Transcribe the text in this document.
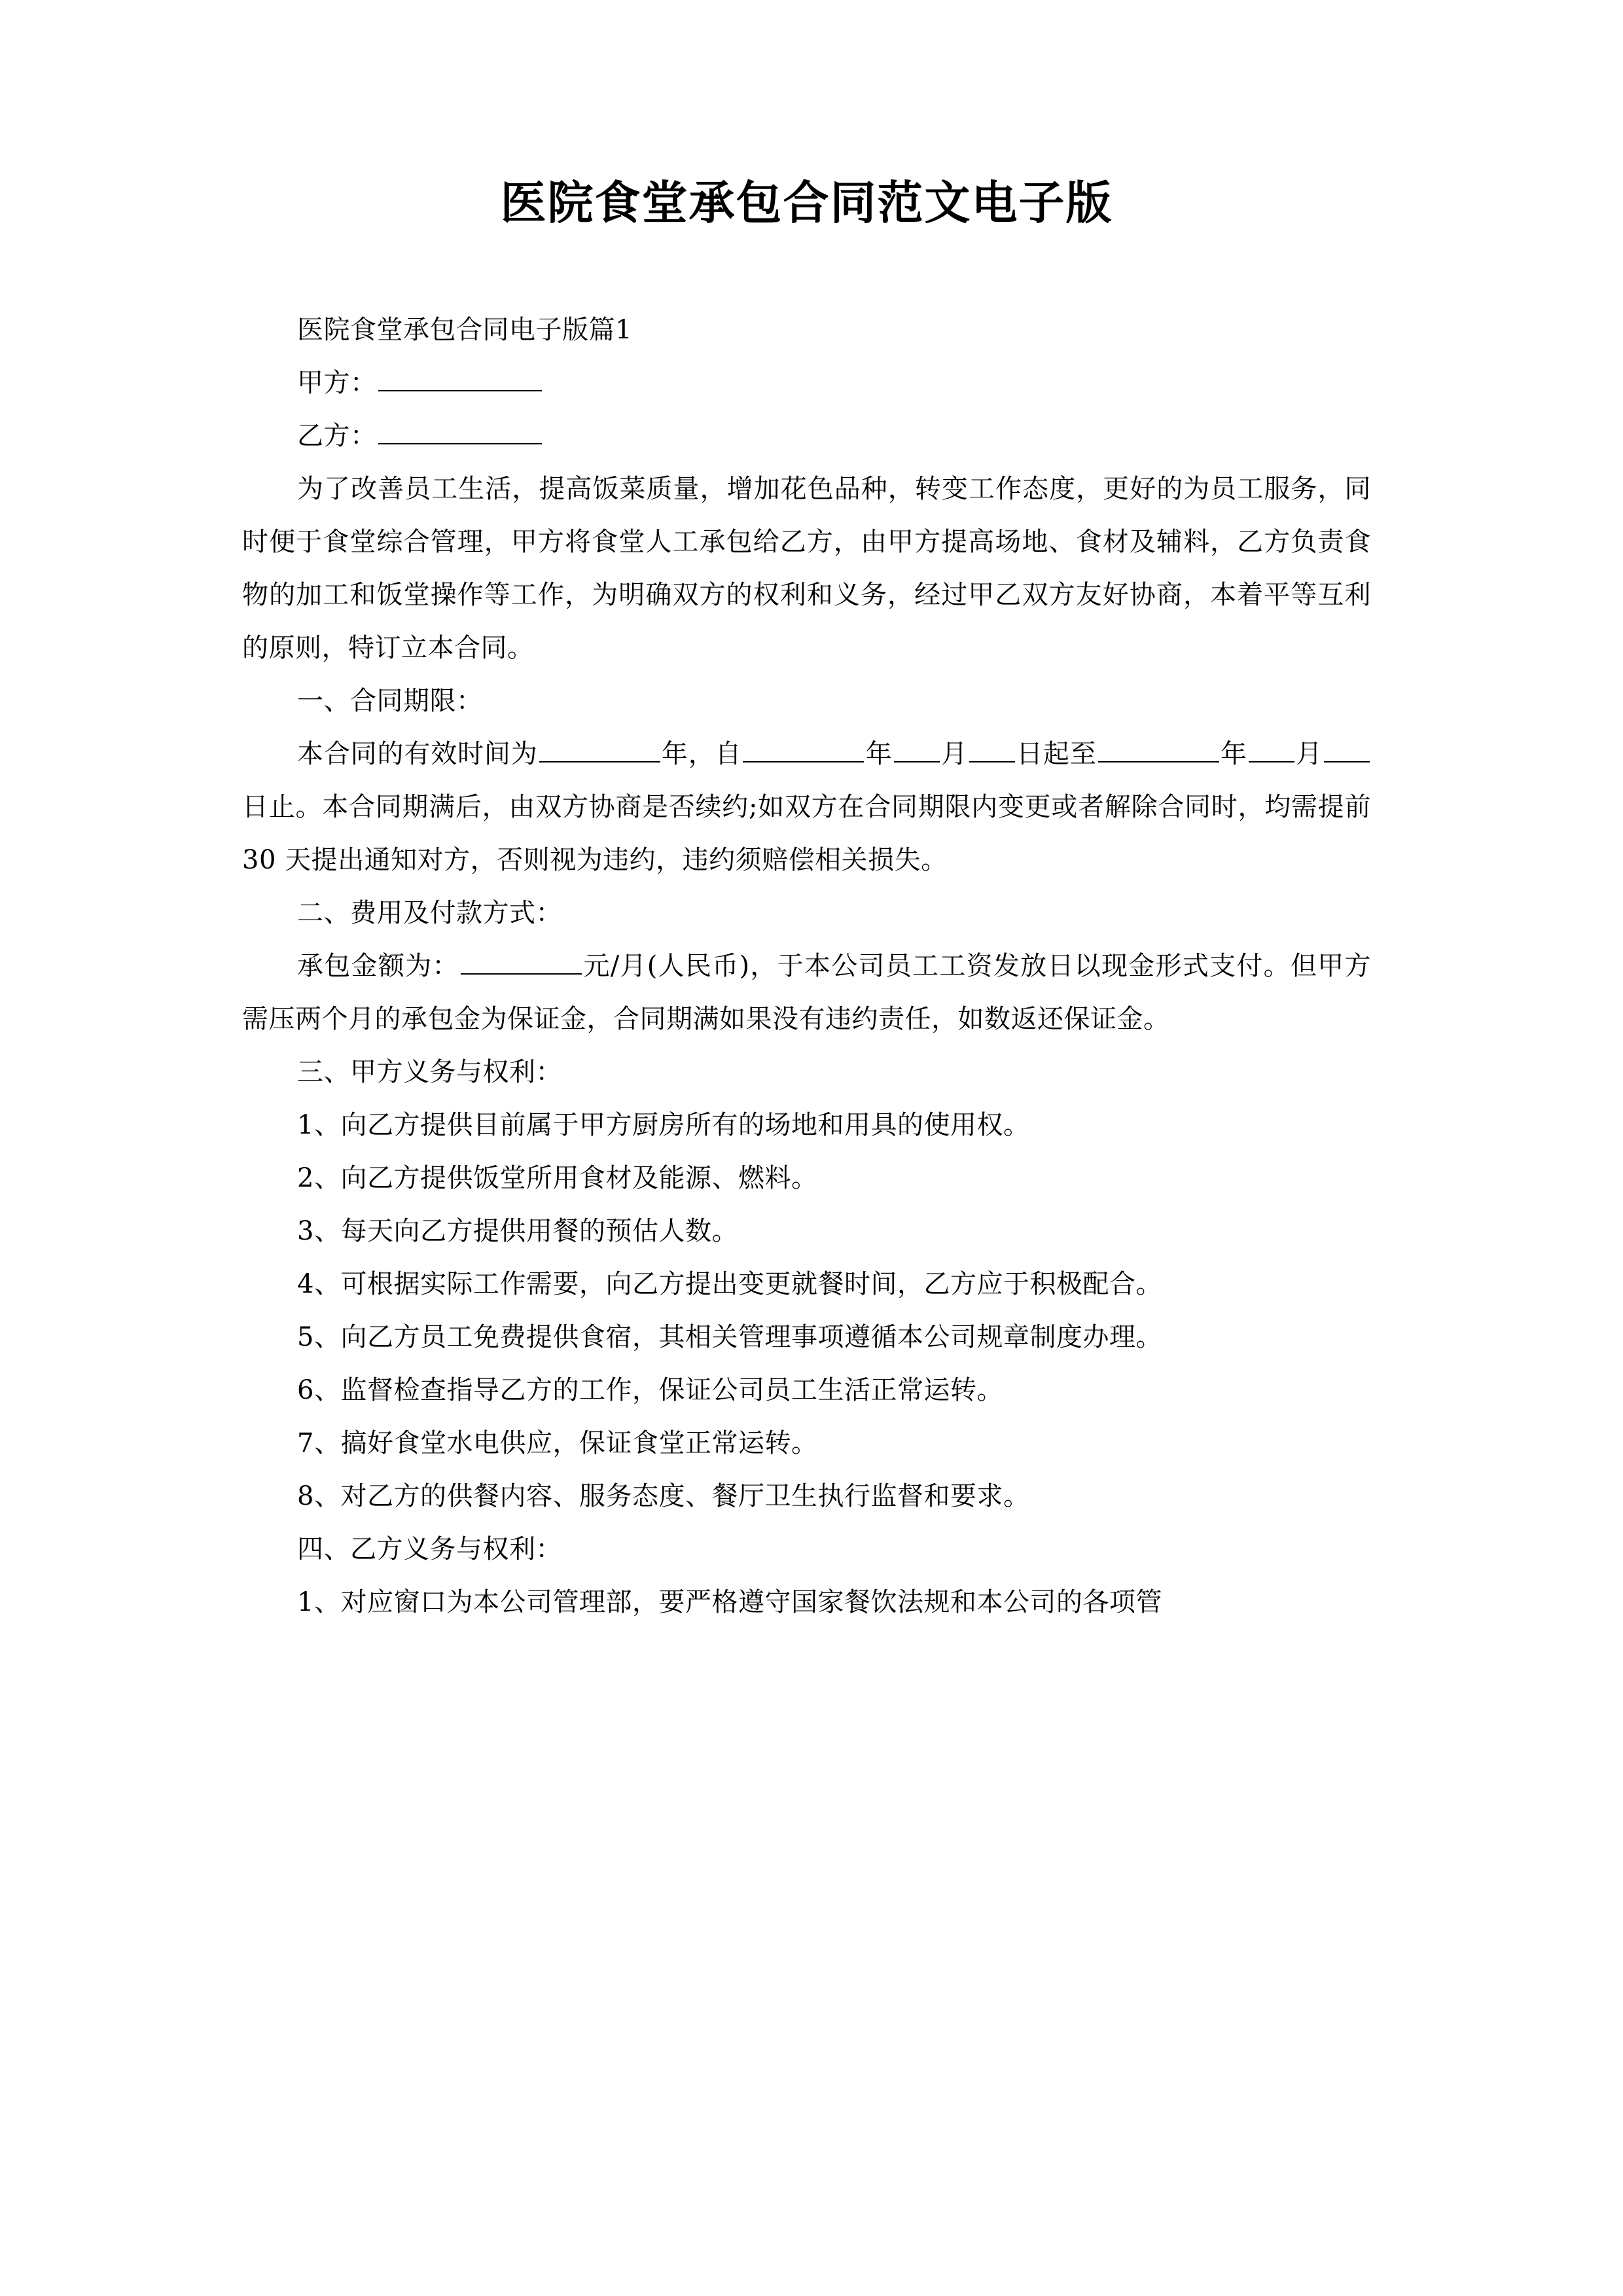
医院食堂承包合同范文电子版

医院食堂承包合同电子版篇1

甲方：

乙方：

为了改善员工生活，提高饭菜质量，增加花色品种，转变工作态度，更好的为员工服务，同时便于食堂综合管理，甲方将食堂人工承包给乙方，由甲方提高场地、食材及辅料，乙方负责食物的加工和饭堂操作等工作，为明确双方的权利和义务，经过甲乙双方友好协商，本着平等互利的原则，特订立本合同。

一、合同期限：

本合同的有效时间为	年，自	年 月 日起至	年 月日止。本合同期满后，由双方协商是否续约;如双方在合同期限内变更或者解除合同时，均需提前 30 天提出通知对方，否则视为违约，违约须赔偿相关损失。

二、费用及付款方式：

承包金额为：	元/月(人民币)，于本公司员工工资发放日以现金形式支付。但甲方需压两个月的承包金为保证金，合同期满如果没有违约责任，如数返还保证金。

三、甲方义务与权利：

1、向乙方提供目前属于甲方厨房所有的场地和用具的使用权。

2、向乙方提供饭堂所用食材及能源、燃料。

3、每天向乙方提供用餐的预估人数。

4、可根据实际工作需要，向乙方提出变更就餐时间，乙方应于积极配合。

5、向乙方员工免费提供食宿，其相关管理事项遵循本公司规章制度办理。

6、监督检查指导乙方的工作，保证公司员工生活正常运转。

7、搞好食堂水电供应，保证食堂正常运转。

8、对乙方的供餐内容、服务态度、餐厅卫生执行监督和要求。

四、乙方义务与权利：

1、对应窗口为本公司管理部，要严格遵守国家餐饮法规和本公司的各项管
